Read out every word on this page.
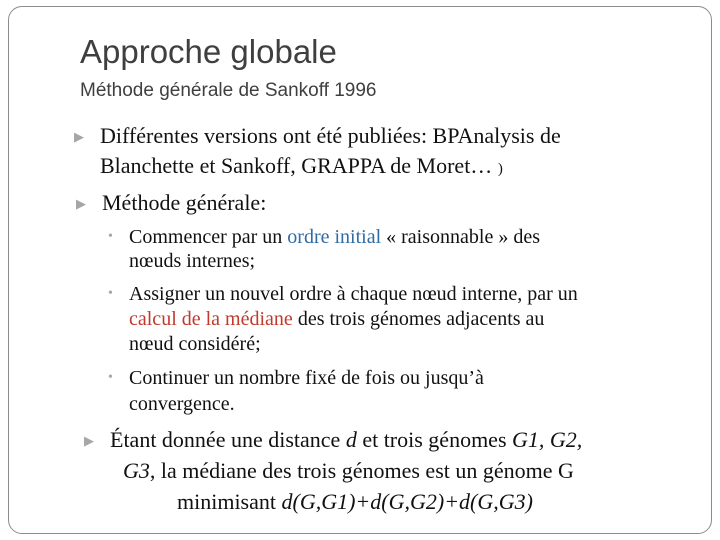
Approche globale
Méthode générale de Sankoff 1996
▶ Différentes versions ont été publiées: BPAnalysis de
Blanchette et Sankoff, GRAPPA de Moret… )
▶ Méthode générale:
• Commencer par un ordre initial « raisonnable » des
nœuds internes;
• Assigner un nouvel ordre à chaque nœud interne, par un
calcul de la médiane des trois génomes adjacents au
nœud considéré;
• Continuer un nombre fixé de fois ou jusqu’à
convergence.
▶ Étant donnée une distance d et trois génomes G1, G2,
G3, la médiane des trois génomes est un génome G
minimisant d(G,G1)+d(G,G2)+d(G,G3)
